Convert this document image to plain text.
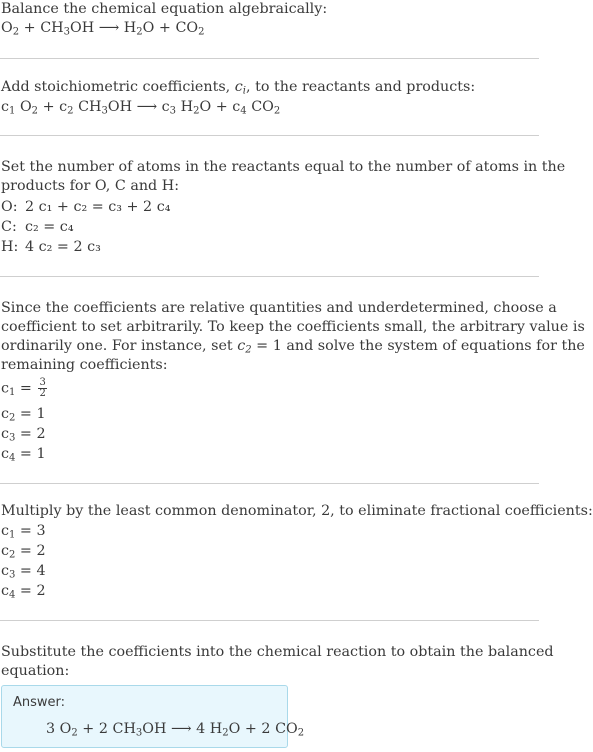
Balance the chemical equation algebraically:
$O_2 + CH_3OH$ ⟶ $H_2O + CO_2$
Add stoichiometric coefficients, $c_i$, to the reactants and products:
$c_1$ $O_2 + c_2$ $CH_3OH$ ⟶ $c_3$ $H_2O + c_4$ $CO_2$
Set the number of atoms in the reactants equal to the number of atoms in the
products for O, C and H:
O: 2 c₁ + c₂ = c₃ + 2 c₄
C: c₂ = c₄
H: 4 c₂ = 2 c₃
Since the coefficients are relative quantities and underdetermined, choose a
coefficient to set arbitrarily. To keep the coefficients small, the arbitrary value is
ordinarily one. For instance, set $c_2 = 1$ and solve the system of equations for the
remaining coefficients:
$c_1 = \frac{3}{2}$
$c_2 = 1$
$c_3 = 2$
$c_4 = 1$
Multiply by the least common denominator, 2, to eliminate fractional coefficients:
$c_1 = 3$
$c_2 = 2$
$c_3 = 4$
$c_4 = 2$
Substitute the coefficients into the chemical reaction to obtain the balanced
equation:
Answer:
3 $O_2 + 2$ $CH_3OH$ ⟶ 4 $H_2O + 2$ $CO_2$
